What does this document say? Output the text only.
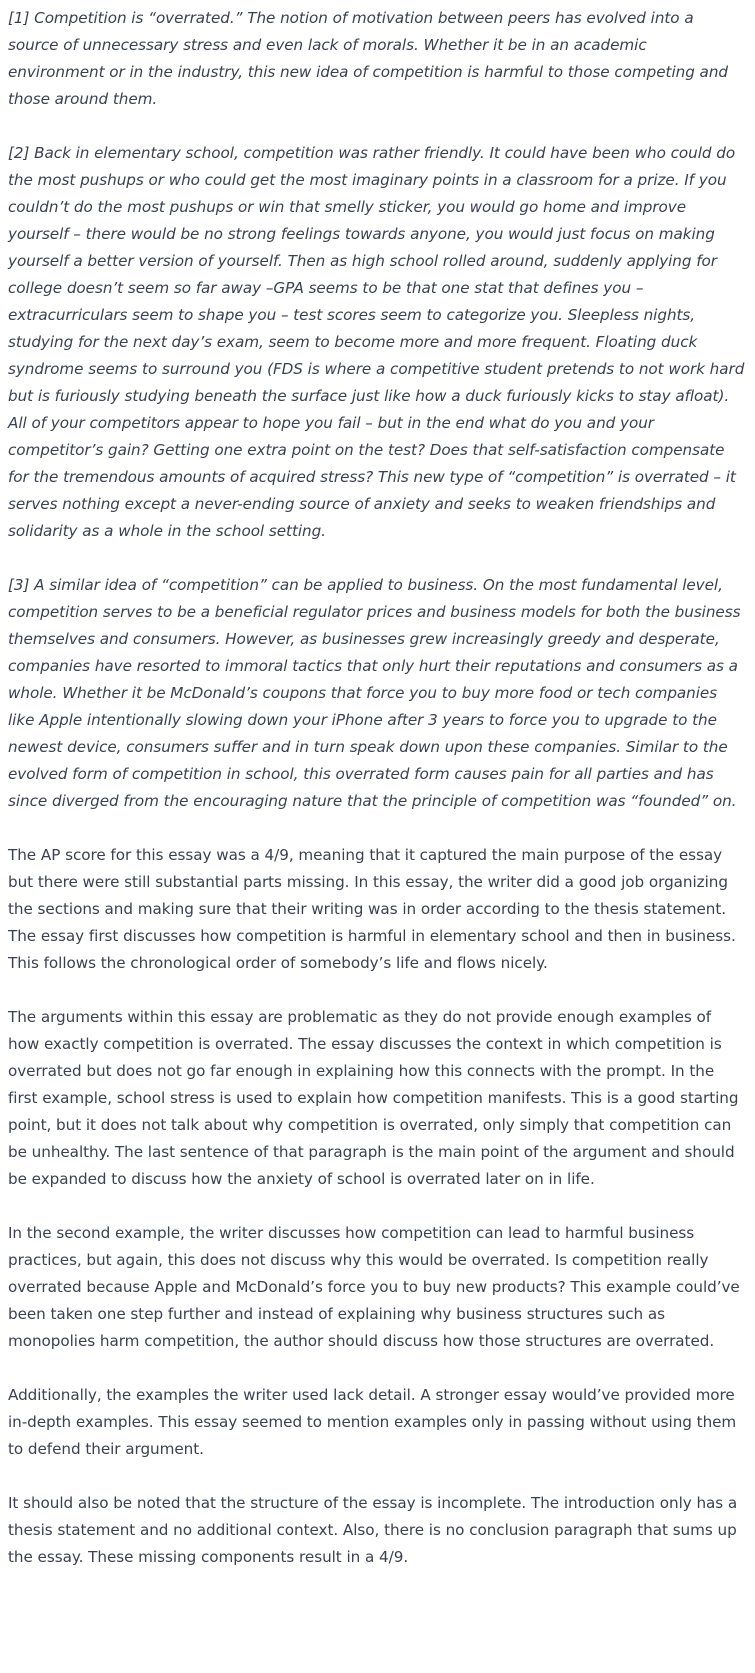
[1] Competition is “overrated.” The notion of motivation between peers has evolved into a source of unnecessary stress and even lack of morals. Whether it be in an academic environment or in the industry, this new idea of competition is harmful to those competing and those around them.

[2] Back in elementary school, competition was rather friendly. It could have been who could do the most pushups or who could get the most imaginary points in a classroom for a prize. If you couldn’t do the most pushups or win that smelly sticker, you would go home and improve yourself – there would be no strong feelings towards anyone, you would just focus on making yourself a better version of yourself. Then as high school rolled around, suddenly applying for college doesn’t seem so far away –GPA seems to be that one stat that defines you – extracurriculars seem to shape you – test scores seem to categorize you. Sleepless nights, studying for the next day’s exam, seem to become more and more frequent. Floating duck syndrome seems to surround you (FDS is where a competitive student pretends to not work hard but is furiously studying beneath the surface just like how a duck furiously kicks to stay afloat). All of your competitors appear to hope you fail – but in the end what do you and your competitor’s gain? Getting one extra point on the test? Does that self-satisfaction compensate for the tremendous amounts of acquired stress? This new type of “competition” is overrated – it serves nothing except a never-ending source of anxiety and seeks to weaken friendships and solidarity as a whole in the school setting.

[3] A similar idea of “competition” can be applied to business. On the most fundamental level, competition serves to be a beneficial regulator prices and business models for both the business themselves and consumers. However, as businesses grew increasingly greedy and desperate, companies have resorted to immoral tactics that only hurt their reputations and consumers as a whole. Whether it be McDonald’s coupons that force you to buy more food or tech companies like Apple intentionally slowing down your iPhone after 3 years to force you to upgrade to the newest device, consumers suffer and in turn speak down upon these companies. Similar to the evolved form of competition in school, this overrated form causes pain for all parties and has since diverged from the encouraging nature that the principle of competition was “founded” on.

The AP score for this essay was a 4/9, meaning that it captured the main purpose of the essay but there were still substantial parts missing. In this essay, the writer did a good job organizing the sections and making sure that their writing was in order according to the thesis statement. The essay first discusses how competition is harmful in elementary school and then in business. This follows the chronological order of somebody’s life and flows nicely.

The arguments within this essay are problematic as they do not provide enough examples of how exactly competition is overrated. The essay discusses the context in which competition is overrated but does not go far enough in explaining how this connects with the prompt. In the first example, school stress is used to explain how competition manifests. This is a good starting point, but it does not talk about why competition is overrated, only simply that competition can be unhealthy. The last sentence of that paragraph is the main point of the argument and should be expanded to discuss how the anxiety of school is overrated later on in life.

In the second example, the writer discusses how competition can lead to harmful business practices, but again, this does not discuss why this would be overrated. Is competition really overrated because Apple and McDonald’s force you to buy new products? This example could’ve been taken one step further and instead of explaining why business structures such as monopolies harm competition, the author should discuss how those structures are overrated.

Additionally, the examples the writer used lack detail. A stronger essay would’ve provided more in-depth examples. This essay seemed to mention examples only in passing without using them to defend their argument.

It should also be noted that the structure of the essay is incomplete. The introduction only has a thesis statement and no additional context. Also, there is no conclusion paragraph that sums up the essay. These missing components result in a 4/9.
